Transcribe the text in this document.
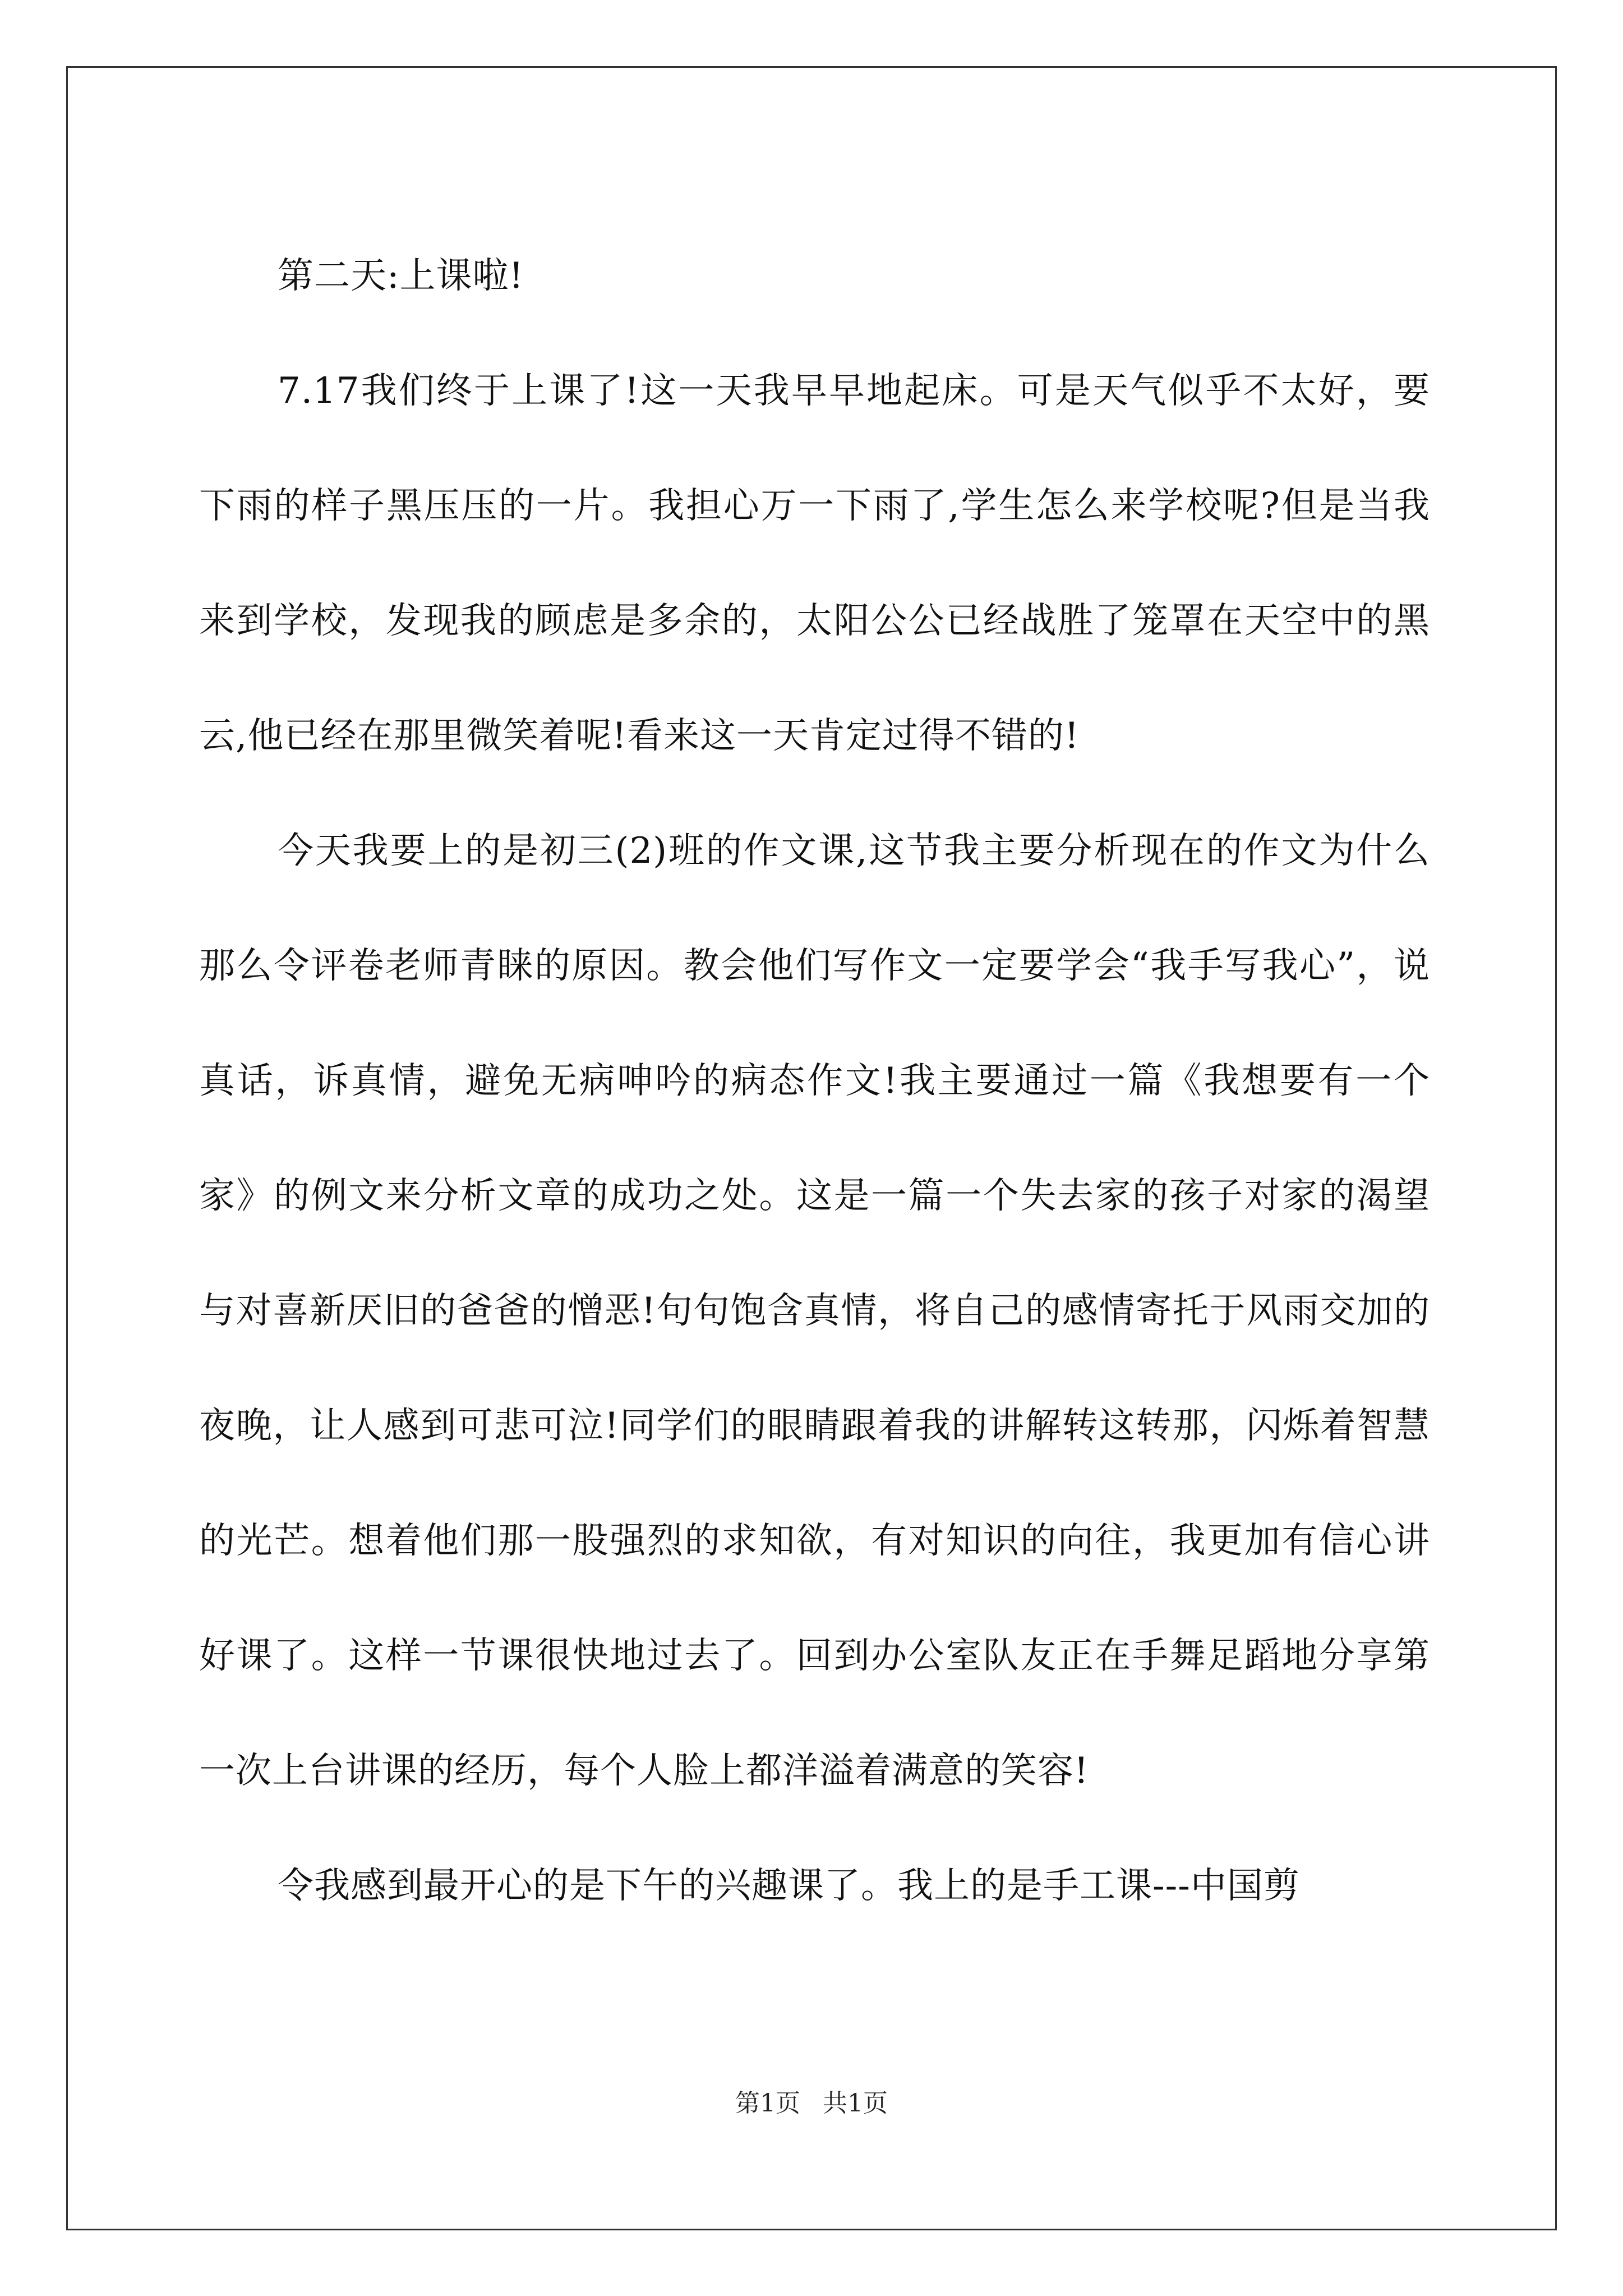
第二天:上课啦!

7.17我们终于上课了!这一天我早早地起床。可是天气似乎不太好，要下雨的样子黑压压的一片。我担心万一下雨了,学生怎么来学校呢?但是当我来到学校，发现我的顾虑是多余的，太阳公公已经战胜了笼罩在天空中的黑云,他已经在那里微笑着呢!看来这一天肯定过得不错的!

今天我要上的是初三(2)班的作文课,这节我主要分析现在的作文为什么那么令评卷老师青睐的原因。教会他们写作文一定要学会“我手写我心”，说真话，诉真情，避免无病呻吟的病态作文!我主要通过一篇《我想要有一个家》的例文来分析文章的成功之处。这是一篇一个失去家的孩子对家的渴望与对喜新厌旧的爸爸的憎恶!句句饱含真情，将自己的感情寄托于风雨交加的夜晚，让人感到可悲可泣!同学们的眼睛跟着我的讲解转这转那，闪烁着智慧的光芒。想着他们那一股强烈的求知欲，有对知识的向往，我更加有信心讲好课了。这样一节课很快地过去了。回到办公室队友正在手舞足蹈地分享第一次上台讲课的经历，每个人脸上都洋溢着满意的笑容!

令我感到最开心的是下午的兴趣课了。我上的是手工课---中国剪

第1页 共1页
